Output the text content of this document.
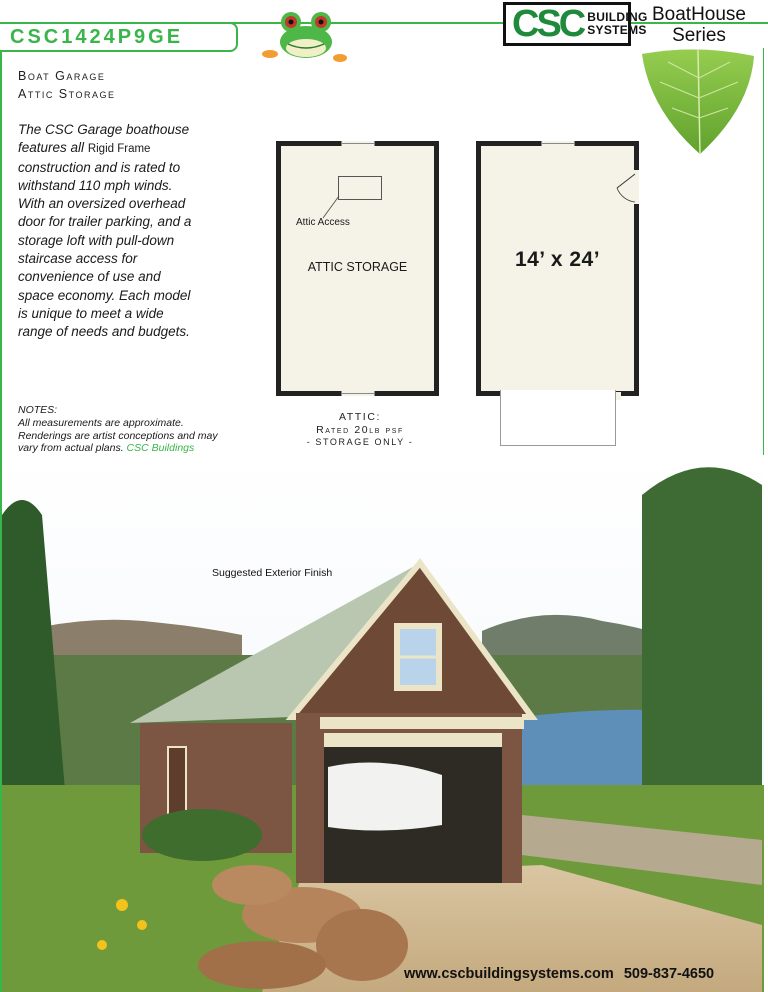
CSC1424P9GE	CSC BUILDING
SYSTEMS
BoatHouse
Series
Boat Garage
Attic Storage
The CSC Garage boathouse features all Rigid Frame construction and is rated to withstand 110 mph winds. With an oversized overhead door for trailer parking, and a storage loft with pull-down staircase access for convenience of use and space economy. Each model is unique to meet a wide range of needs and budgets.
NOTES:
All measurements are approximate. Renderings are artist conceptions and may vary from actual plans. CSC Buildings
Attic Access
ATTIC STORAGE	14’ x 24’
ATTIC:
Rated 20lb psf
- STORAGE ONLY -
Suggested Exterior Finish
www.cscbuildingsystems.com 509-837-4650
